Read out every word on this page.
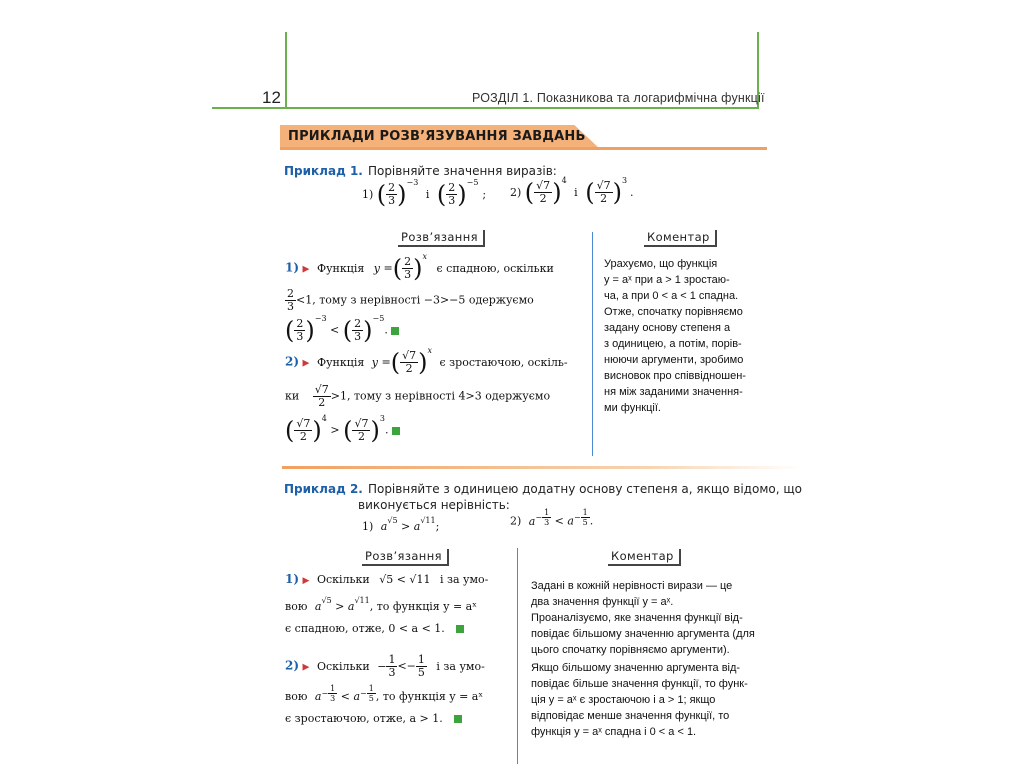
12	РОЗДІЛ 1. Показникова та логарифмічна функції
ПРИКЛАДИ РОЗВ’ЯЗУВАННЯ ЗАВДАНЬ
Приклад 1. Порівняйте значення виразів:
1) ( $\frac{2}{3} )^{-3}$ і ( $\frac{2}{3} )^{-5}$; 2) ( $\frac{√7}{2} )^4$ і ( $\frac{√7}{2} )^3$.
Розв’язання	Коментар
1) ▶ Функція y =( $\frac{2}{3} )^x$ є спадною, оскільки
$\frac{2}{3} <1$, тому з нерівності −3>−5 одержуємо
( $\frac{2}{3} )^{-3}$ < ( $\frac{2}{3} )^{-5}$.
2) ▶ Функція y =( $\frac{√7}{2} )^x$ є зростаючою, оскіль-
ки $\frac{√7}{2} >1$, тому з нерівності 4>3 одержуємо
( $\frac{√7}{2} )^4$ > ( $\frac{√7}{2} )^3$.
Урахуємо, що функція
y = aˣ при a > 1 зростаю-
ча, а при 0 < a < 1 спадна.
Отже, спочатку порівняємо
задану основу степеня a
з одиницею, а потім, порів-
нюючи аргументи, зробимо
висновок про співвідношен-
ня між заданими значення-
ми функції.
Приклад 2. Порівняйте з одиницею додатну основу степеня a, якщо відомо, що
виконується нерівність:
1) $a^{√5} > a^{√11}$;	2) $a^{- \frac{1}{3}} < a^{- \frac{1}{5}}$ .
Розв’язання	Коментар
1) ▶ Оскільки √5 < √11 і за умо-
вою $a^{√5} > a^{√11}$, то функція y = aˣ
є спадною, отже, 0 < a < 1.
2) ▶ Оскільки − $\frac{1}{3} <- \frac{1}{5}$ і за умо-
вою $a^{- \frac{1}{3}} < a^{- \frac{1}{5}}$ , то функція y = aˣ
є зростаючою, отже, a > 1.
Задані в кожній нерівності вирази — це
два значення функції y = aˣ.
Проаналізуємо, яке значення функції від-
повідає більшому значенню аргумента (для
цього спочатку порівняємо аргументи).
Якщо більшому значенню аргумента від-
повідає більше значення функції, то функ-
ція y = aˣ є зростаючою і a > 1; якщо
відповідає менше значення функції, то
функція y = aˣ спадна і 0 < a < 1.
